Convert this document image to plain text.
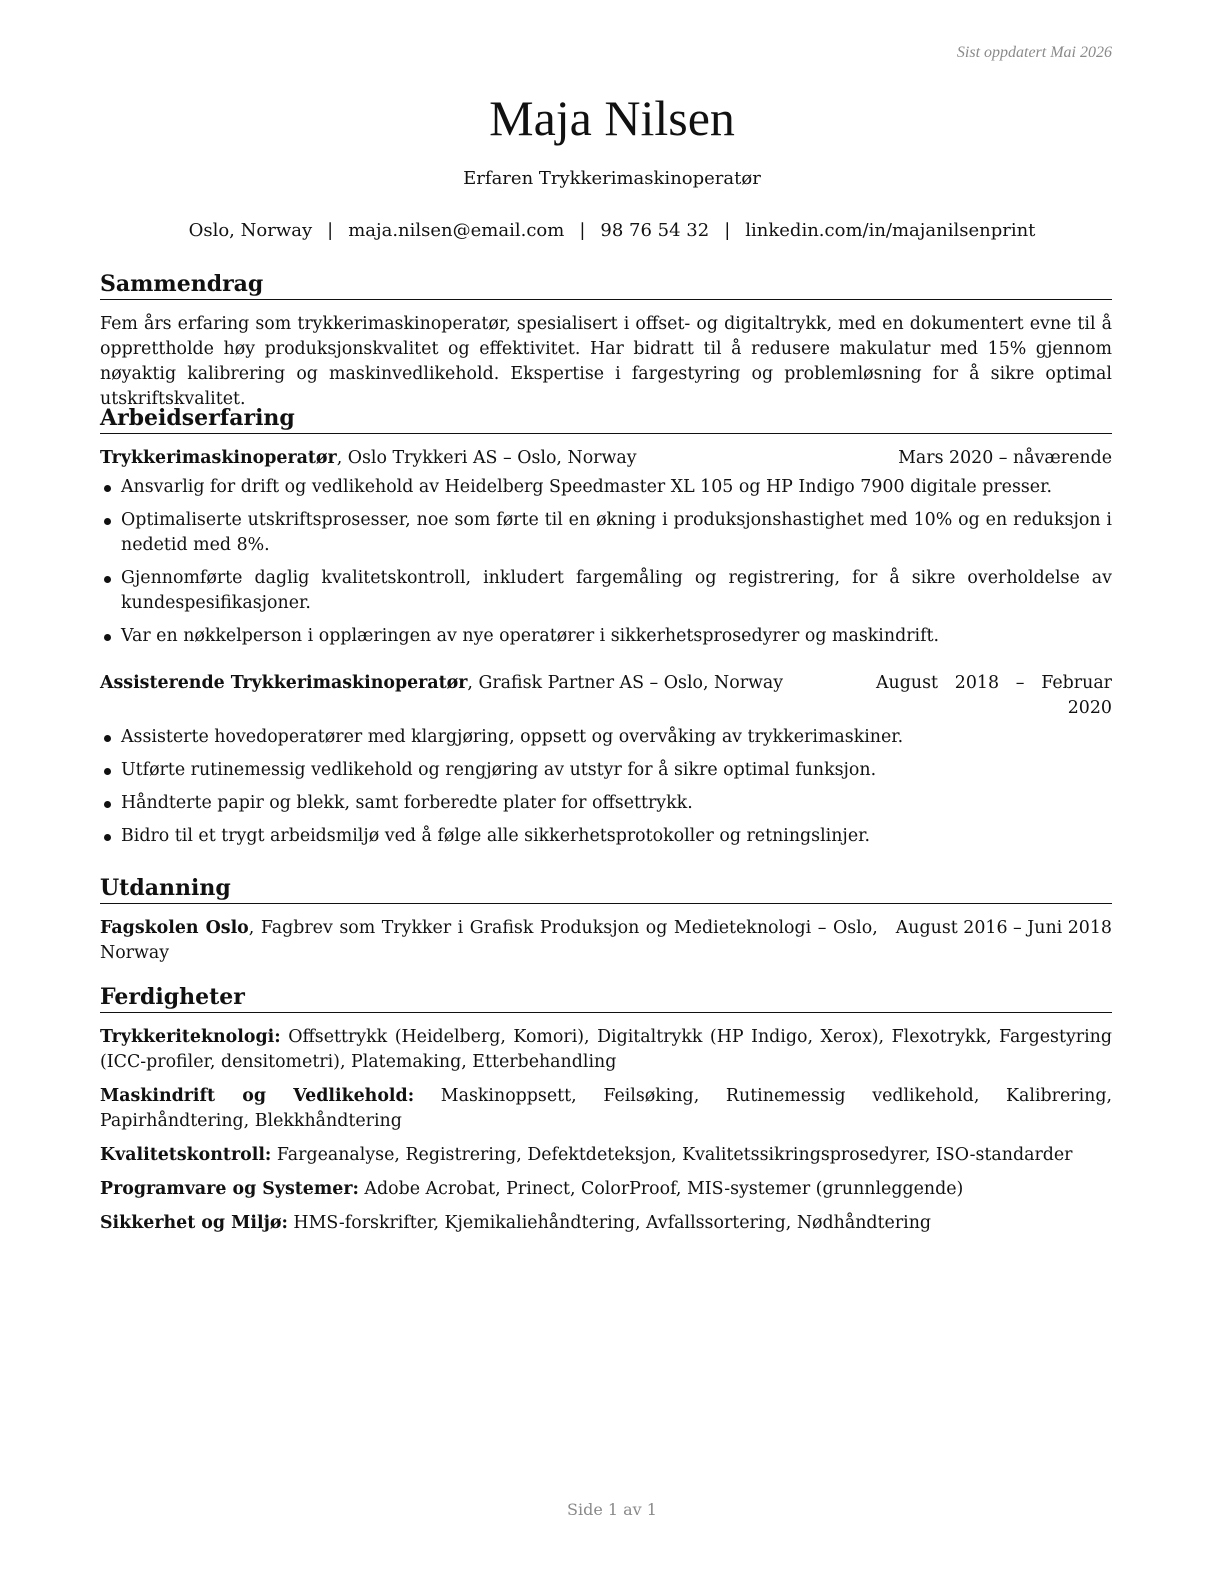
Sist oppdatert Mai 2026
Maja Nilsen
Erfaren Trykkerimaskinoperatør
Oslo, Norway | maja.nilsen@email.com | 98 76 54 32 | linkedin.com/in/majanilsenprint
Sammendrag

Fem års erfaring som trykkerimaskinoperatør, spesialisert i offset- og digitaltrykk, med en dokumentert evne til å opprettholde høy produksjonskvalitet og effektivitet. Har bidratt til å redusere makulatur med 15% gjennom nøyaktig kalibrering og maskinvedlikehold. Ekspertise i fargestyring og problemløsning for å sikre optimal utskriftskvalitet.

Arbeidserfaring
Trykkerimaskinoperatør, Oslo Trykkeri AS – Oslo, Norway	Mars 2020 – nåværende
Ansvarlig for drift og vedlikehold av Heidelberg Speedmaster XL 105 og HP Indigo 7900 digitale presser.
Optimaliserte utskriftsprosesser, noe som førte til en økning i produksjonshastighet med 10% og en reduksjon i nedetid med 8%.
Gjennomførte daglig kvalitetskontroll, inkludert fargemåling og registrering, for å sikre overholdelse av kundespesifikasjoner.
Var en nøkkelperson i opplæringen av nye operatører i sikkerhetsprosedyrer og maskindrift.
Assisterende Trykkerimaskinoperatør, Grafisk Partner AS – Oslo, Norway	August 2018 – Februar 2020
Assisterte hovedoperatører med klargjøring, oppsett og overvåking av trykkerimaskiner.
Utførte rutinemessig vedlikehold og rengjøring av utstyr for å sikre optimal funksjon.
Håndterte papir og blekk, samt forberedte plater for offsettrykk.
Bidro til et trygt arbeidsmiljø ved å følge alle sikkerhetsprotokoller og retningslinjer.
Utdanning
Fagskolen Oslo, Fagbrev som Trykker i Grafisk Produksjon og Medieteknologi – Oslo, Norway
August 2016 – Juni 2018
Ferdigheter
Trykkeriteknologi: Offsettrykk (Heidelberg, Komori), Digitaltrykk (HP Indigo, Xerox), Flexotrykk, Fargestyring (ICC-profiler, densitometri), Platemaking, Etterbehandling
Maskindrift og Vedlikehold: Maskinoppsett, Feilsøking, Rutinemessig vedlikehold, Kalibrering, Papirhåndtering, Blekkhåndtering
Kvalitetskontroll: Fargeanalyse, Registrering, Defektdeteksjon, Kvalitetssikringsprosedyrer, ISO-standarder
Programvare og Systemer: Adobe Acrobat, Prinect, ColorProof, MIS-systemer (grunnleggende)
Sikkerhet og Miljø: HMS-forskrifter, Kjemikaliehåndtering, Avfallssortering, Nødhåndtering
Side 1 av 1
